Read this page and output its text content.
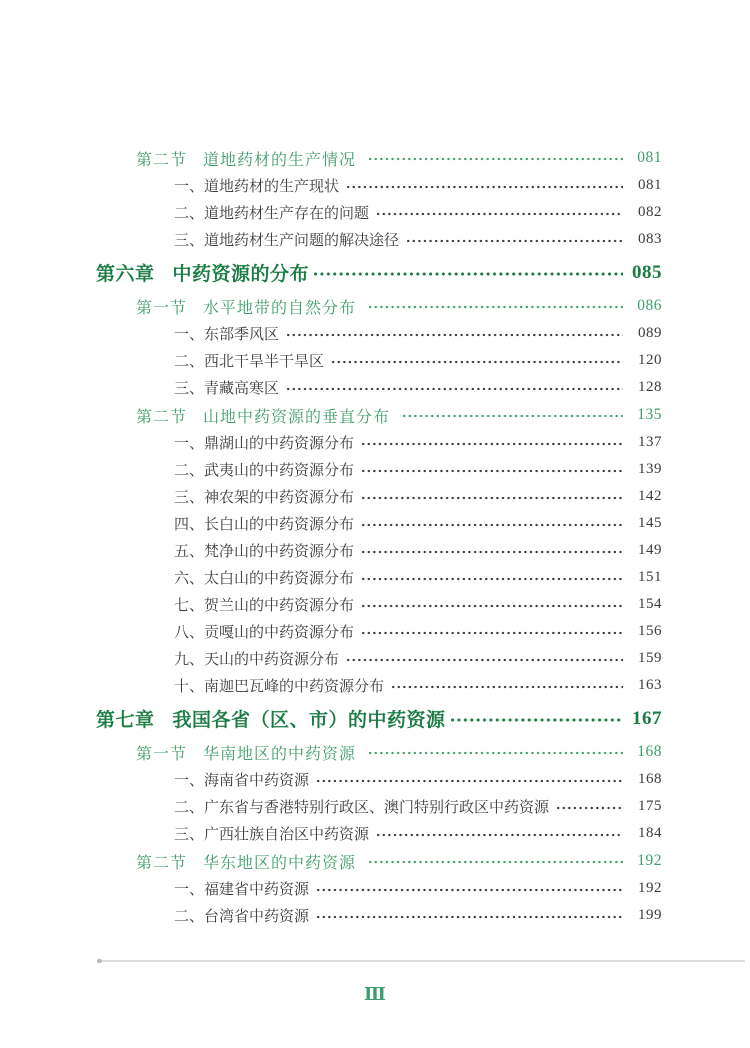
第二节 道地药材的生产情况	081
一、道地药材的生产现状	081
二、道地药材生产存在的问题	082
三、道地药材生产问题的解决途径	083
第六章 中药资源的分布	085
第一节 水平地带的自然分布	086
一、东部季风区	089
二、西北干旱半干旱区	120
三、青藏高寒区	128
第二节 山地中药资源的垂直分布	135
一、鼎湖山的中药资源分布	137
二、武夷山的中药资源分布	139
三、神农架的中药资源分布	142
四、长白山的中药资源分布	145
五、梵净山的中药资源分布	149
六、太白山的中药资源分布	151
七、贺兰山的中药资源分布	154
八、贡嘎山的中药资源分布	156
九、天山的中药资源分布	159
十、南迦巴瓦峰的中药资源分布	163
第七章 我国各省（区、市）的中药资源	167
第一节 华南地区的中药资源	168
一、海南省中药资源	168
二、广东省与香港特别行政区、澳门特别行政区中药资源	175
三、广西壮族自治区中药资源	184
第二节 华东地区的中药资源	192
一、福建省中药资源	192
二、台湾省中药资源	199
Ⅲ
